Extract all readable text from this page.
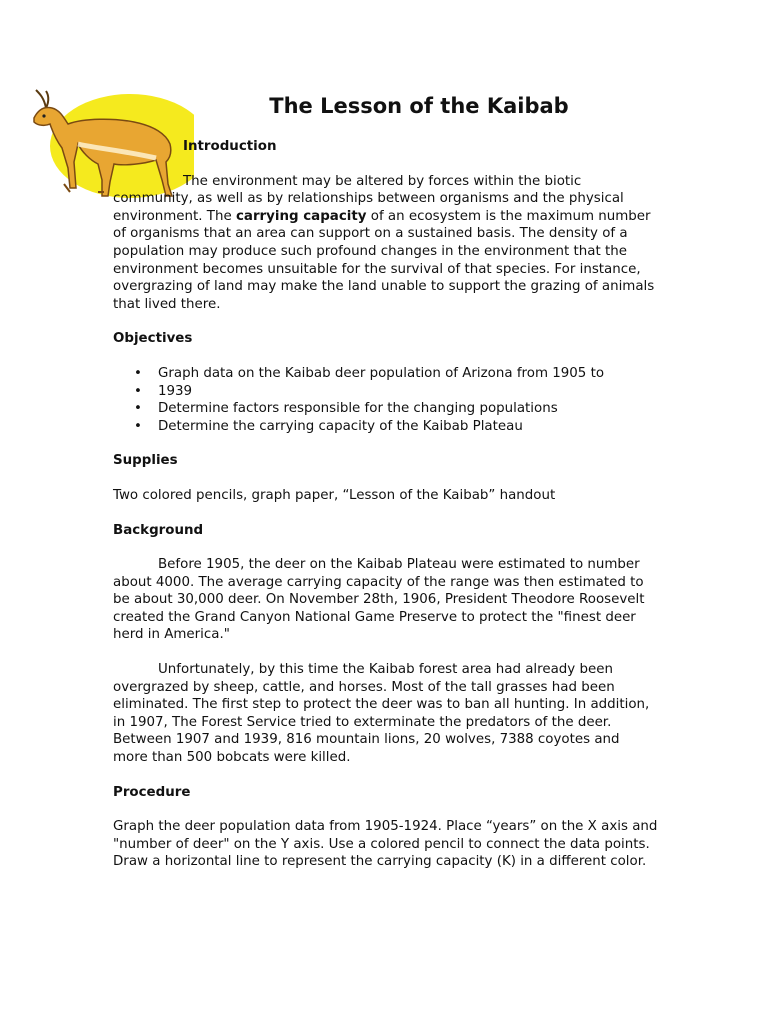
The Lesson of the Kaibab
Introduction

The environment may be altered by forces within the biotic community, as well as by relationships between organisms and the physical environment. The carrying capacity of an ecosystem is the maximum number of organisms that an area can support on a sustained basis. The density of a population may produce such profound changes in the environment that the environment becomes unsuitable for the survival of that species. For instance, overgrazing of land may make the land unable to support the grazing of animals that lived there.

Objectives
• Graph data on the Kaibab deer population of Arizona from 1905 to
• 1939
• Determine factors responsible for the changing populations
• Determine the carrying capacity of the Kaibab Plateau
Supplies

Two colored pencils, graph paper, “Lesson of the Kaibab” handout

Background

Before 1905, the deer on the Kaibab Plateau were estimated to number about 4000. The average carrying capacity of the range was then estimated to be about 30,000 deer. On November 28th, 1906, President Theodore Roosevelt created the Grand Canyon National Game Preserve to protect the "finest deer herd in America."

Unfortunately, by this time the Kaibab forest area had already been overgrazed by sheep, cattle, and horses. Most of the tall grasses had been eliminated. The first step to protect the deer was to ban all hunting. In addition, in 1907, The Forest Service tried to exterminate the predators of the deer. Between 1907 and 1939, 816 mountain lions, 20 wolves, 7388 coyotes and more than 500 bobcats were killed.

Procedure

Graph the deer population data from 1905-1924. Place “years” on the X axis and "number of deer" on the Y axis. Use a colored pencil to connect the data points. Draw a horizontal line to represent the carrying capacity (K) in a different color.
